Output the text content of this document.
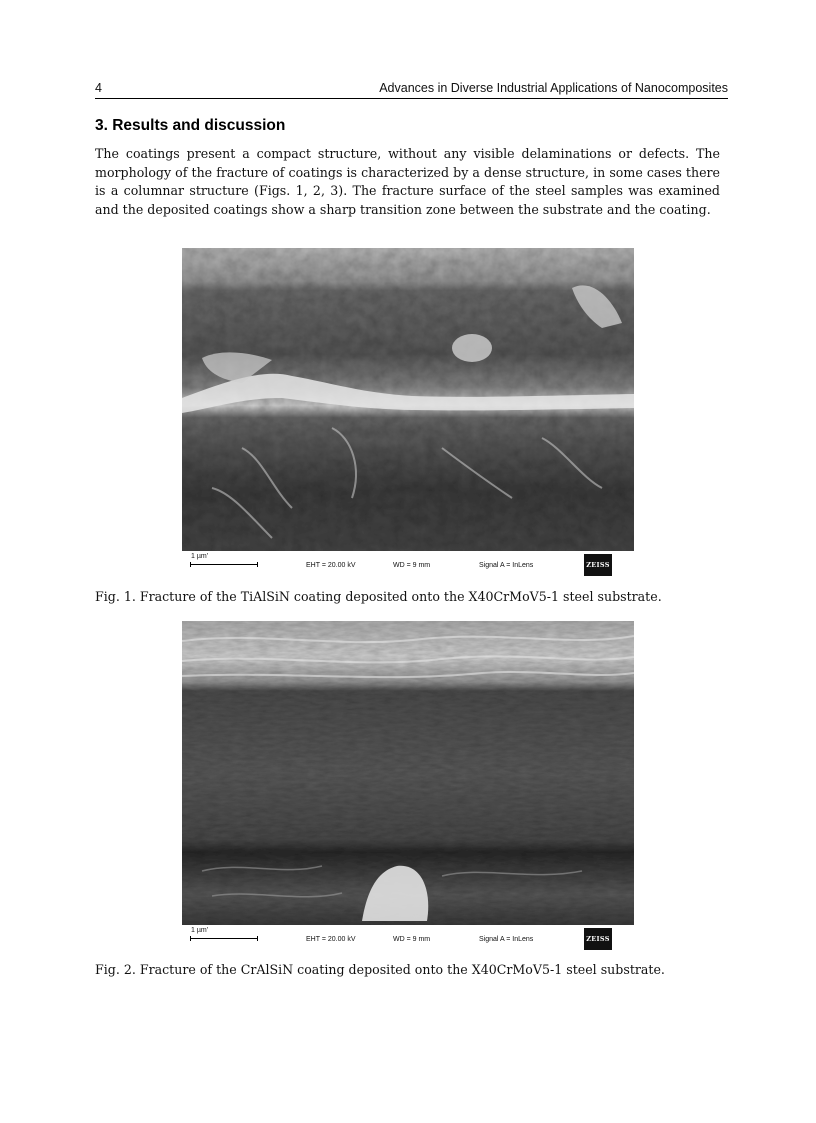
4	Advances in Diverse Industrial Applications of Nanocomposites
3. Results and discussion

The coatings present a compact structure, without any visible delaminations or defects. The morphology of the fracture of coatings is characterized by a dense structure, in some cases there is a columnar structure (Figs. 1, 2, 3). The fracture surface of the steel samples was examined and the deposited coatings show a sharp transition zone between the substrate and the coating.

1 µm'
EHT = 20.00 kV	WD = 9 mm	Signal A = InLens	ZEISS

Fig. 1. Fracture of the TiAlSiN coating deposited onto the X40CrMoV5-1 steel substrate.

1 µm'
EHT = 20.00 kV	WD = 9 mm	Signal A = InLens	ZEISS

Fig. 2. Fracture of the CrAlSiN coating deposited onto the X40CrMoV5-1 steel substrate.
